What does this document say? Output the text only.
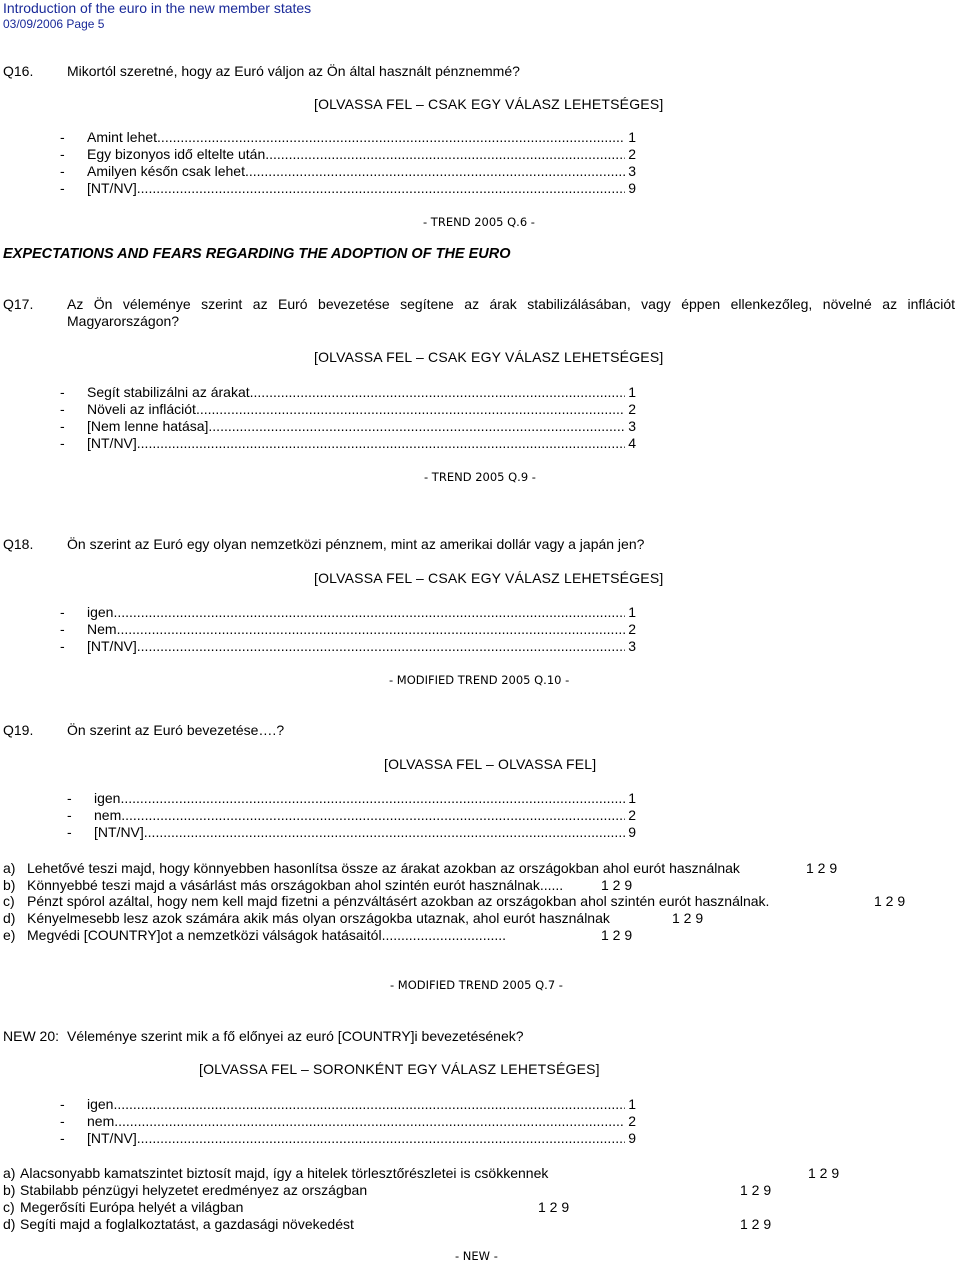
Introduction of the euro in the new member states
03/09/2006 Page 5
Q16. Mikortól szeretné, hogy az Euró váljon az Ön által használt pénznemmé?
[OLVASSA FEL – CSAK EGY VÁLASZ LEHETSÉGES]
-	Amint lehet .....	1
-	Egy bizonyos idő eltelte után .....	2
-	Amilyen későn csak lehet .....	3
-	[NT/NV] .....	9
- TREND 2005 Q.6 -
EXPECTATIONS AND FEARS REGARDING THE ADOPTION OF THE EURO
Q17. Az Ön véleménye szerint az Euró bevezetése segítene az árak stabilizálásában, vagy éppen ellenkezőleg, növelné az inflációt Magyarországon?
[OLVASSA FEL – CSAK EGY VÁLASZ LEHETSÉGES]
-	Segít stabilizálni az árakat .....	1
-	Növeli az inflációt .....	2
-	[Nem lenne hatása] .....	3
-	[NT/NV] .....	4
- TREND 2005 Q.9 -
Q18. Ön szerint az Euró egy olyan nemzetközi pénznem, mint az amerikai dollár vagy a japán jen?
[OLVASSA FEL – CSAK EGY VÁLASZ LEHETSÉGES]
-	igen .....	1
-	Nem .....	2
-	[NT/NV] .....	3
- MODIFIED TREND 2005 Q.10 -
Q19. Ön szerint az Euró bevezetése….?
[OLVASSA FEL – OLVASSA FEL]
-	igen .....	1
-	nem .....	2
-	[NT/NV] .....	9
a) Lehetővé teszi majd, hogy könnyebben hasonlítsa össze az árakat azokban az országokban ahol eurót használnak	1 2 9
b) Könnyebbé teszi majd a vásárlást más országokban ahol szintén eurót használnak......	1 2 9
c) Pénzt spórol azáltal, hogy nem kell majd fizetni a pénzváltásért azokban az országokban ahol szintén eurót használnak.	1 2 9
d) Kényelmesebb lesz azok számára akik más olyan országokba utaznak, ahol eurót használnak	1 2 9
e) Megvédi [COUNTRY]ot a nemzetközi válságok hatásaitól................................	1 2 9
- MODIFIED TREND 2005 Q.7 -
NEW 20: Véleménye szerint mik a fő előnyei az euró [COUNTRY]i bevezetésének?
[OLVASSA FEL – SORONKÉNT EGY VÁLASZ LEHETSÉGES]
-	igen .....	1
-	nem .....	2
-	[NT/NV] .....	9
a) Alacsonyabb kamatszintet biztosít majd, így a hitelek törlesztőrészletei is csökkennek	1 2 9
b) Stabilabb pénzügyi helyzetet eredményez az országban	1 2 9
c) Megerősíti Európa helyét a világban	1 2 9
d) Segíti majd a foglalkoztatást, a gazdasági növekedést	1 2 9
- NEW -
